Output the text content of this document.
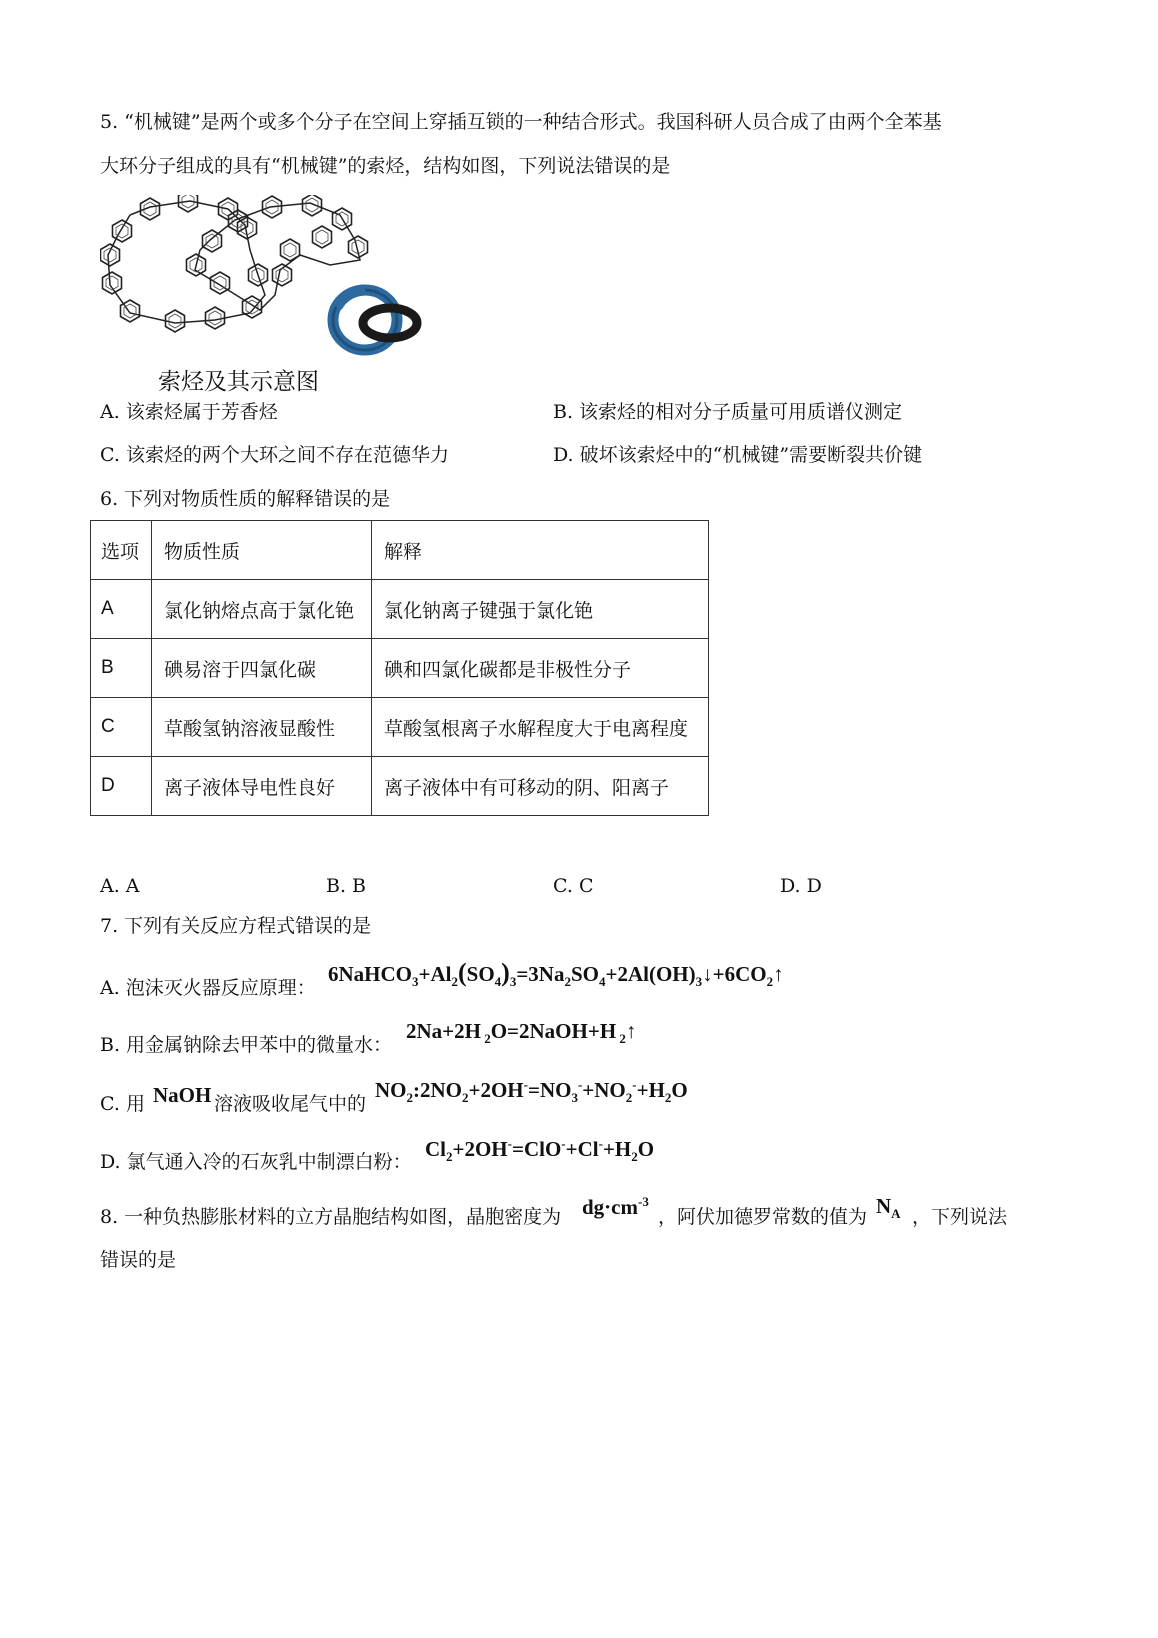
5. “机械键”是两个或多个分子在空间上穿插互锁的一种结合形式。我国科研人员合成了由两个全苯基
大环分子组成的具有“机械键”的索烃，结构如图，下列说法错误的是
索烃及其示意图
A. 该索烃属于芳香烃	B. 该索烃的相对分子质量可用质谱仪测定
C. 该索烃的两个大环之间不存在范德华力	D. 破坏该索烃中的“机械键”需要断裂共价键
6. 下列对物质性质的解释错误的是
选项	物质性质	解释
A	氯化钠熔点高于氯化铯	氯化钠离子键强于氯化铯
B	碘易溶于四氯化碳	碘和四氯化碳都是非极性分子
C	草酸氢钠溶液显酸性	草酸氢根离子水解程度大于电离程度
D	离子液体导电性良好	离子液体中有可移动的阴、阳离子
A. A	B. B	C. C	D. D
7. 下列有关反应方程式错误的是
A. 泡沫灭火器反应原理：
$6NaHCO_3+Al_2(SO_4)_3=3Na_2SO_4+2Al(OH)_3↓+6CO_2↑$
B. 用金属钠除去甲苯中的微量水：
2Na+2H $_2$O=2NaOH+H $_2$↑
C. 用 NaOH 溶液吸收尾气中的
$NO_2:2NO_2+2OH^-=NO_3^-+NO_2^-+H_2O$
D. 氯气通入冷的石灰乳中制漂白粉：
$Cl_2+2OH^-=ClO^-+Cl^-+H_2O$
8. 一种负热膨胀材料的立方晶胞结构如图，晶胞密度为 $dg\cdot cm^{-3}$
，阿伏加德罗常数的值为 $N_A$ ，下列说法
错误的是
